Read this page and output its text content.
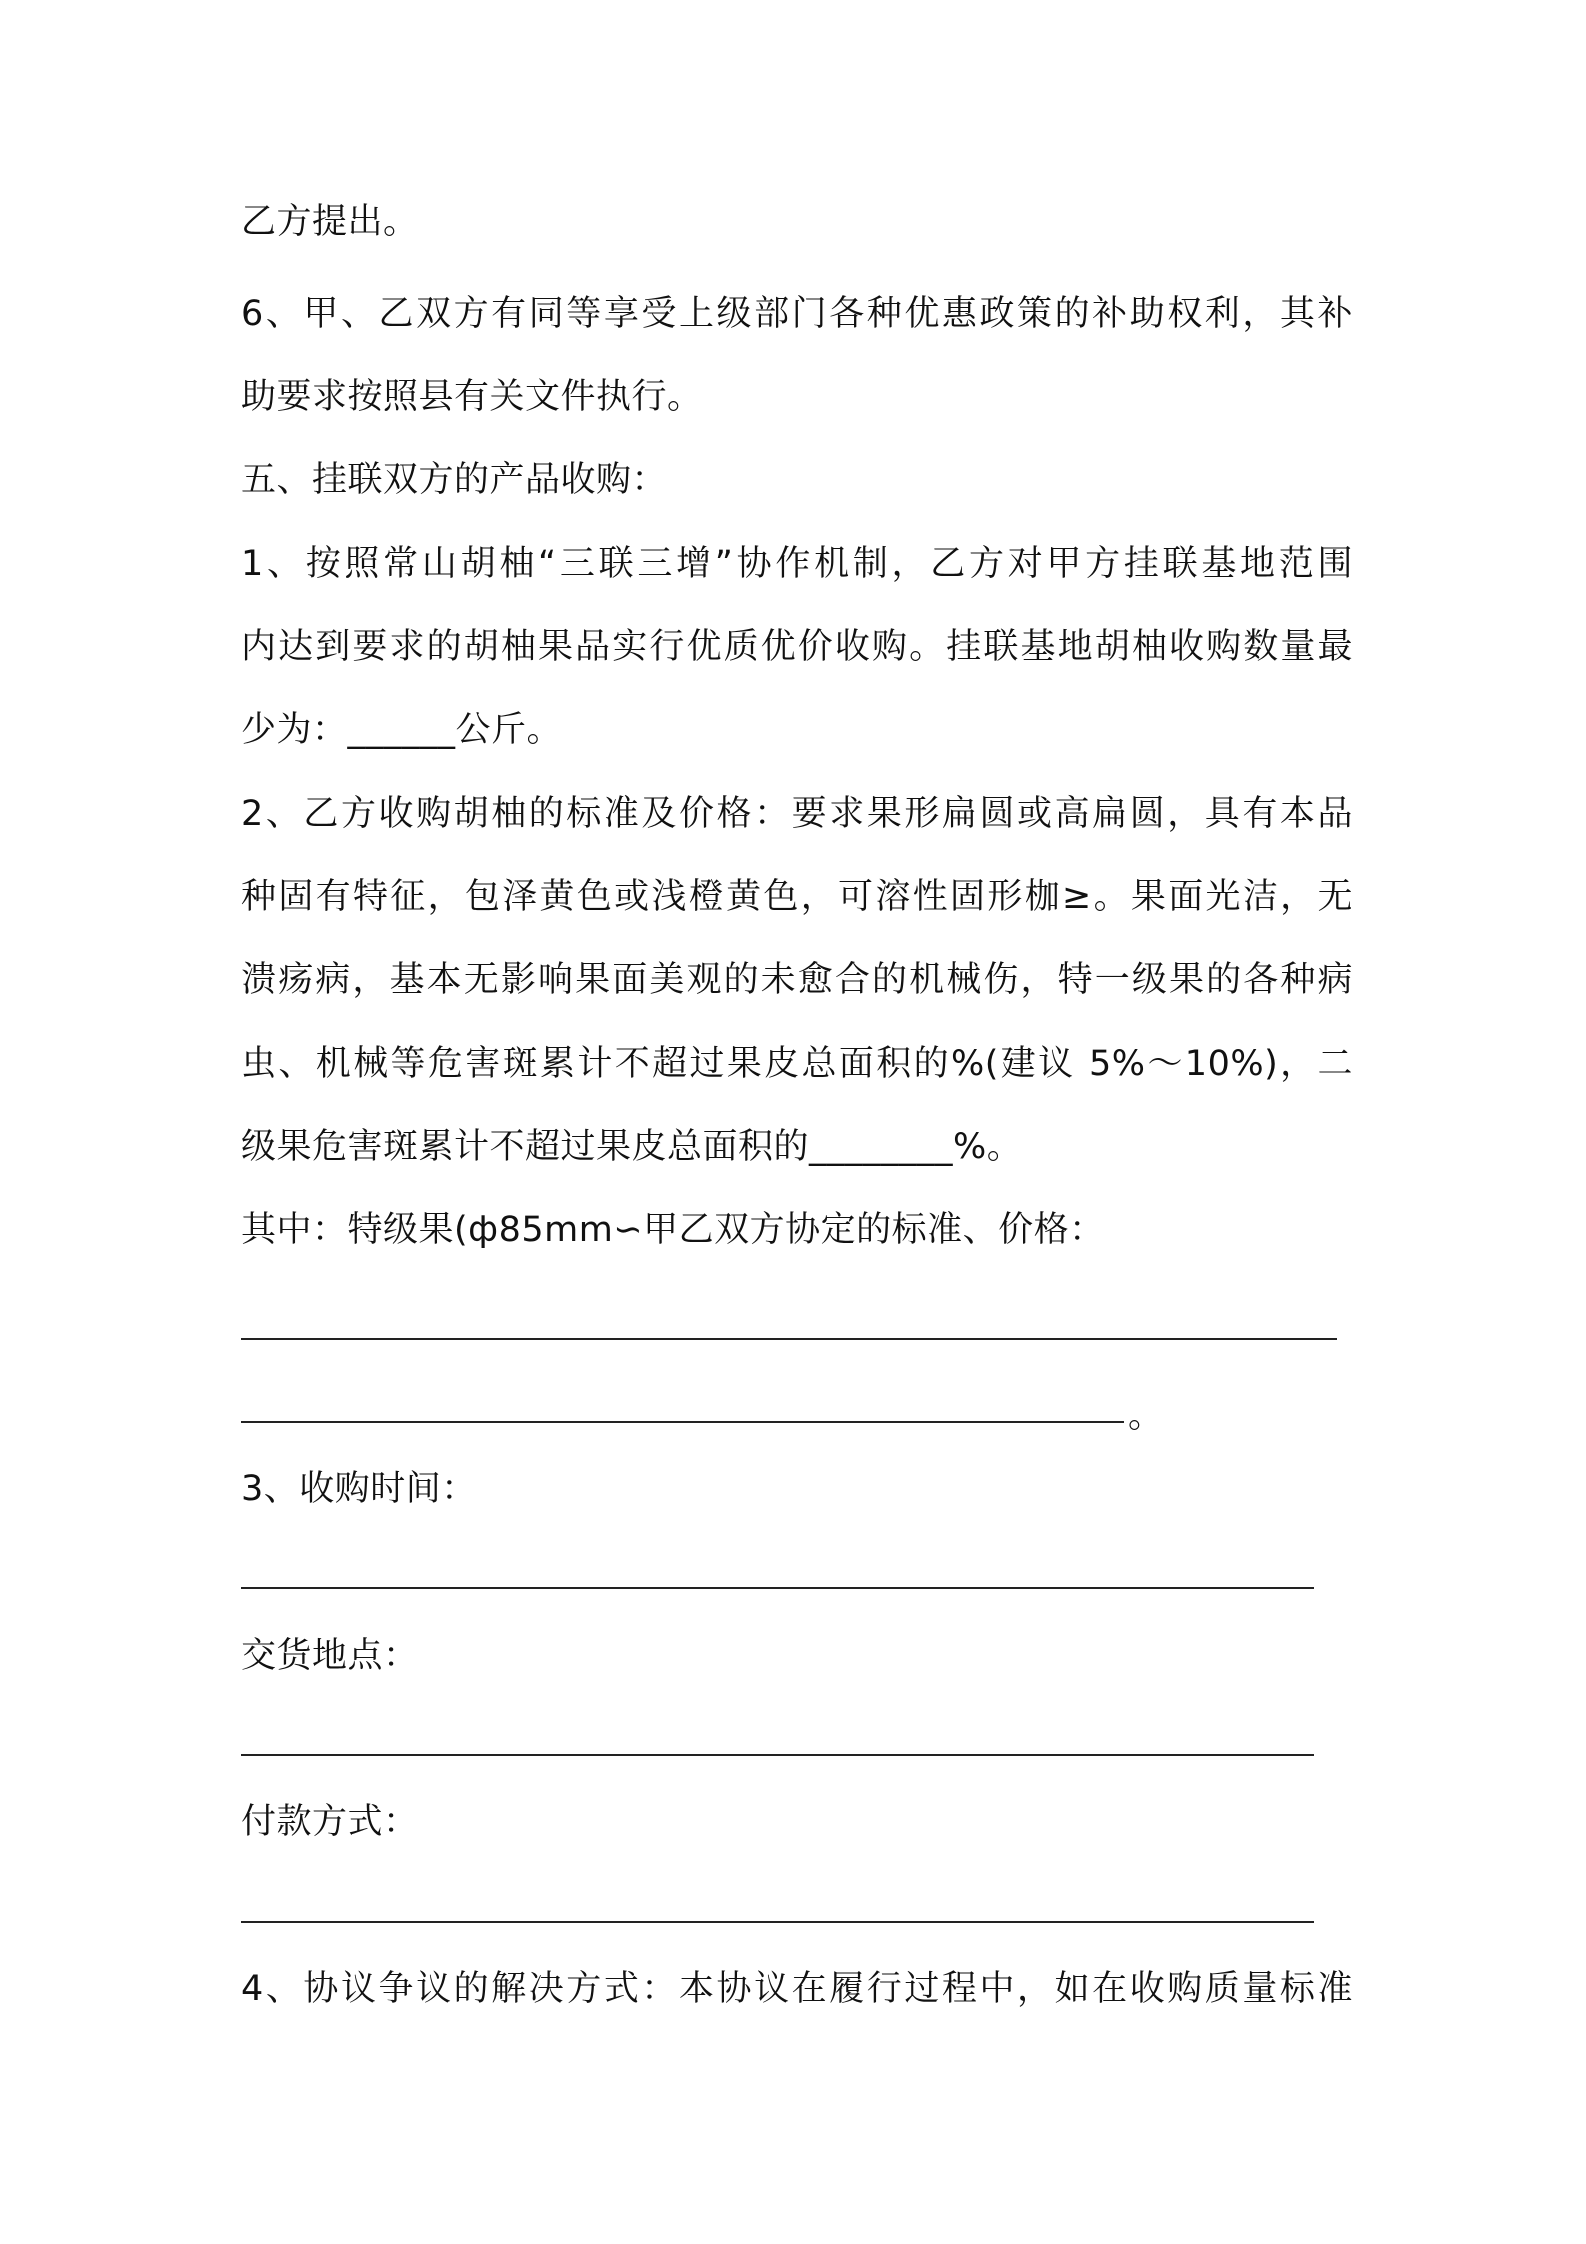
乙方提出。
6、甲、乙双方有同等享受上级部门各种优惠政策的补助权利，其补
助要求按照县有关文件执行。
五、挂联双方的产品收购：
1、按照常山胡柚“三联三增”协作机制，乙方对甲方挂联基地范围
内达到要求的胡柚果品实行优质优价收购。挂联基地胡柚收购数量最
少为：______公斤。
2、乙方收购胡柚的标准及价格：要求果形扁圆或高扁圆，具有本品
种固有特征，包泽黄色或浅橙黄色，可溶性固形枷≥。果面光洁，无
溃疡病，基本无影响果面美观的未愈合的机械伤，特一级果的各种病
虫、机械等危害斑累计不超过果皮总面积的%(建议 5%～10%)，二
级果危害斑累计不超过果皮总面积的________%。
其中：特级果(ф85mm∽甲乙双方协定的标准、价格：
。
3、收购时间：
交货地点：
付款方式：
4、协议争议的解决方式：本协议在履行过程中，如在收购质量标准
